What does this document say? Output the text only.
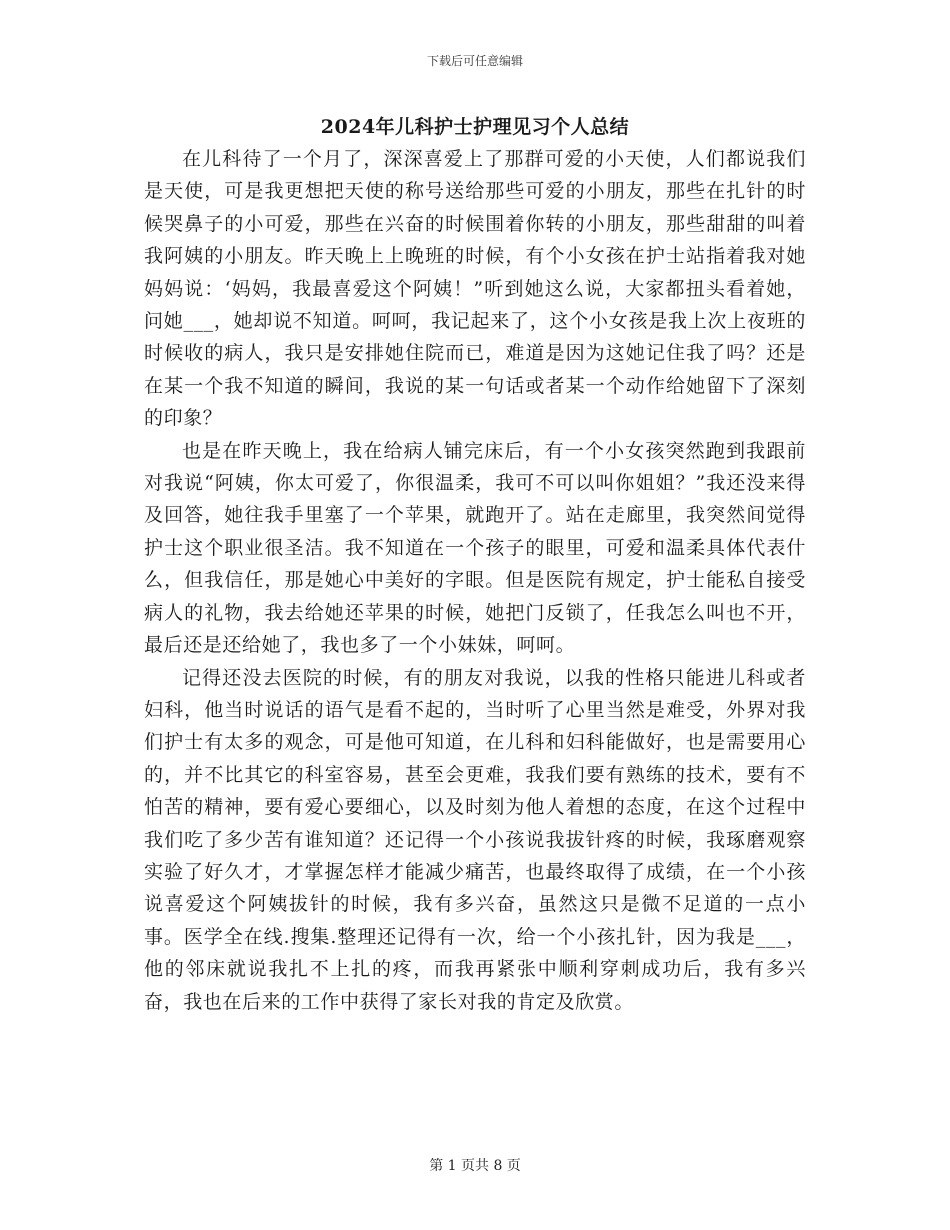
下载后可任意编辑
2024年儿科护士护理见习个人总结

在儿科待了一个月了，深深喜爱上了那群可爱的小天使，人们都说我们是天使，可是我更想把天使的称号送给那些可爱的小朋友，那些在扎针的时候哭鼻子的小可爱，那些在兴奋的时候围着你转的小朋友，那些甜甜的叫着我阿姨的小朋友。昨天晚上上晚班的时候，有个小女孩在护士站指着我对她妈妈说：‘妈妈，我最喜爱这个阿姨！”听到她这么说，大家都扭头看着她，问她___，她却说不知道。呵呵，我记起来了，这个小女孩是我上次上夜班的时候收的病人，我只是安排她住院而已，难道是因为这她记住我了吗？还是在某一个我不知道的瞬间，我说的某一句话或者某一个动作给她留下了深刻的印象？

也是在昨天晚上，我在给病人铺完床后，有一个小女孩突然跑到我跟前对我说“阿姨，你太可爱了，你很温柔，我可不可以叫你姐姐？”我还没来得及回答，她往我手里塞了一个苹果，就跑开了。站在走廊里，我突然间觉得护士这个职业很圣洁。我不知道在一个孩子的眼里，可爱和温柔具体代表什么，但我信任，那是她心中美好的字眼。但是医院有规定，护士能私自接受病人的礼物，我去给她还苹果的时候，她把门反锁了，任我怎么叫也不开，最后还是还给她了，我也多了一个小妹妹，呵呵。

记得还没去医院的时候，有的朋友对我说，以我的性格只能进儿科或者妇科，他当时说话的语气是看不起的，当时听了心里当然是难受，外界对我们护士有太多的观念，可是他可知道，在儿科和妇科能做好，也是需要用心的，并不比其它的科室容易，甚至会更难，我我们要有熟练的技术，要有不怕苦的精神，要有爱心要细心，以及时刻为他人着想的态度，在这个过程中我们吃了多少苦有谁知道？还记得一个小孩说我拔针疼的时候，我琢磨观察实验了好久才，才掌握怎样才能减少痛苦，也最终取得了成绩，在一个小孩说喜爱这个阿姨拔针的时候，我有多兴奋，虽然这只是微不足道的一点小事。医学全在线.搜集.整理还记得有一次，给一个小孩扎针，因为我是___，他的邻床就说我扎不上扎的疼，而我再紧张中顺利穿刺成功后，我有多兴奋，我也在后来的工作中获得了家长对我的肯定及欣赏。

第 1 页共 8 页
